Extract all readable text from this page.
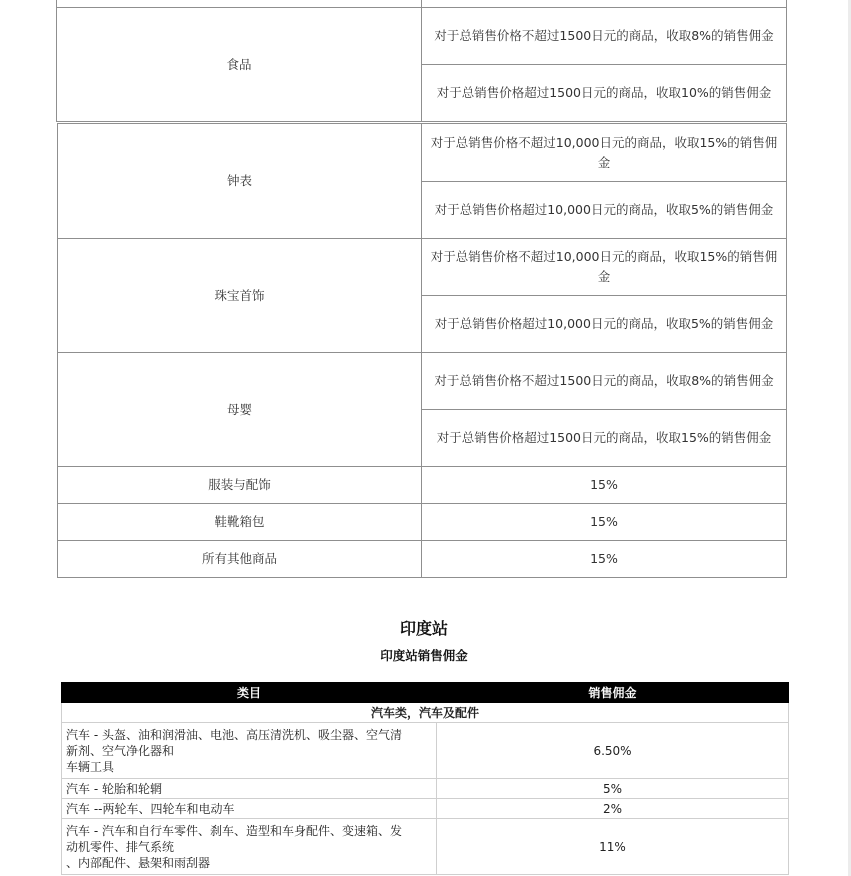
食品	对于总销售价格不超过1500日元的商品，收取8%的销售佣金
	对于总销售价格超过1500日元的商品，收取10%的销售佣金
钟表	对于总销售价格不超过10,000日元的商品，收取15%的销售佣金
	对于总销售价格超过10,000日元的商品，收取5%的销售佣金
珠宝首饰	对于总销售价格不超过10,000日元的商品，收取15%的销售佣金
	对于总销售价格超过10,000日元的商品，收取5%的销售佣金
母婴	对于总销售价格不超过1500日元的商品，收取8%的销售佣金
	对于总销售价格超过1500日元的商品，收取15%的销售佣金
服装与配饰	15%
鞋靴箱包	15%
所有其他商品	15%
印度站
印度站销售佣金
类目	销售佣金
汽车类，汽车及配件	

汽车 - 头盔、油和润滑油、电池、高压清洗机、吸尘器、空气清
新剂、空气净化器和
车辆工具	6.50%

汽车 - 轮胎和轮辋	5%

汽车 --两轮车、四轮车和电动车	2%

汽车 - 汽车和自行车零件、刹车、造型和车身配件、变速箱、发
动机零件、排气系统
、内部配件、悬架和雨刮器	11%
